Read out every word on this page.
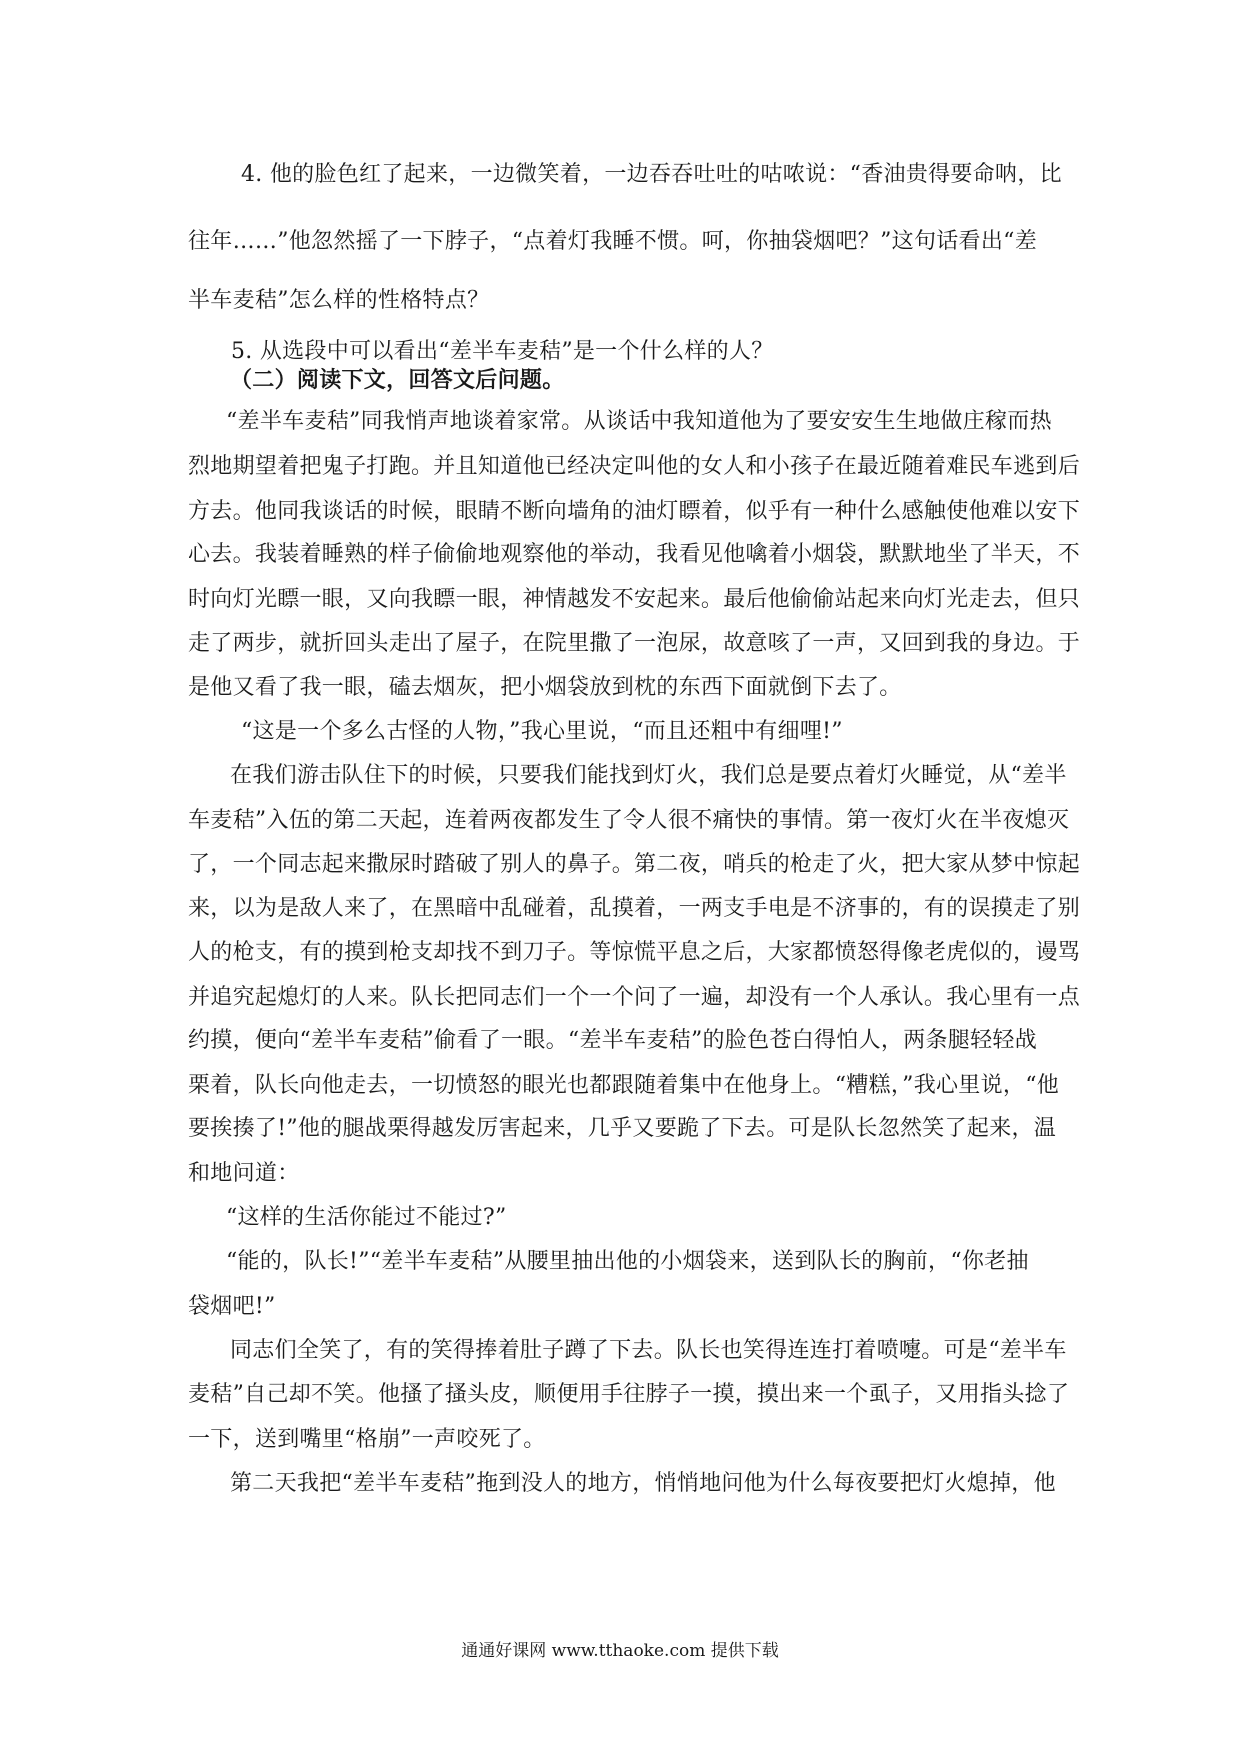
4. 他的脸色红了起来，一边微笑着，一边吞吞吐吐的咕哝说：“香油贵得要命呐，比
往年……”他忽然摇了一下脖子，“点着灯我睡不惯。呵，你抽袋烟吧？”这句话看出“差
半车麦秸”怎么样的性格特点？
5. 从选段中可以看出“差半车麦秸”是一个什么样的人？
（二）阅读下文，回答文后问题。
“差半车麦秸”同我悄声地谈着家常。从谈话中我知道他为了要安安生生地做庄稼而热
烈地期望着把鬼子打跑。并且知道他已经决定叫他的女人和小孩子在最近随着难民车逃到后
方去。他同我谈话的时候，眼睛不断向墙角的油灯瞟着，似乎有一种什么感触使他难以安下
心去。我装着睡熟的样子偷偷地观察他的举动，我看见他噙着小烟袋，默默地坐了半天，不
时向灯光瞟一眼，又向我瞟一眼，神情越发不安起来。最后他偷偷站起来向灯光走去，但只
走了两步，就折回头走出了屋子，在院里撒了一泡尿，故意咳了一声，又回到我的身边。于
是他又看了我一眼，磕去烟灰，把小烟袋放到枕的东西下面就倒下去了。
“这是一个多么古怪的人物，”我心里说，“而且还粗中有细哩!”
在我们游击队住下的时候，只要我们能找到灯火，我们总是要点着灯火睡觉，从“差半
车麦秸”入伍的第二天起，连着两夜都发生了令人很不痛快的事情。第一夜灯火在半夜熄灭
了，一个同志起来撒尿时踏破了别人的鼻子。第二夜，哨兵的枪走了火，把大家从梦中惊起
来，以为是敌人来了，在黑暗中乱碰着，乱摸着，一两支手电是不济事的，有的误摸走了别
人的枪支，有的摸到枪支却找不到刀子。等惊慌平息之后，大家都愤怒得像老虎似的，谩骂
并追究起熄灯的人来。队长把同志们一个一个问了一遍，却没有一个人承认。我心里有一点
约摸，便向“差半车麦秸”偷看了一眼。“差半车麦秸”的脸色苍白得怕人，两条腿轻轻战
栗着，队长向他走去，一切愤怒的眼光也都跟随着集中在他身上。“糟糕，”我心里说，“他
要挨揍了!”他的腿战栗得越发厉害起来，几乎又要跪了下去。可是队长忽然笑了起来，温
和地问道：
“这样的生活你能过不能过?”
“能的，队长!”“差半车麦秸”从腰里抽出他的小烟袋来，送到队长的胸前，“你老抽
袋烟吧!”
同志们全笑了，有的笑得捧着肚子蹲了下去。队长也笑得连连打着喷嚏。可是“差半车
麦秸”自己却不笑。他搔了搔头皮，顺便用手往脖子一摸，摸出来一个虱子，又用指头捻了
一下，送到嘴里“格崩”一声咬死了。
第二天我把“差半车麦秸”拖到没人的地方，悄悄地问他为什么每夜要把灯火熄掉，他
通通好课网 www.tthaoke.com 提供下载
